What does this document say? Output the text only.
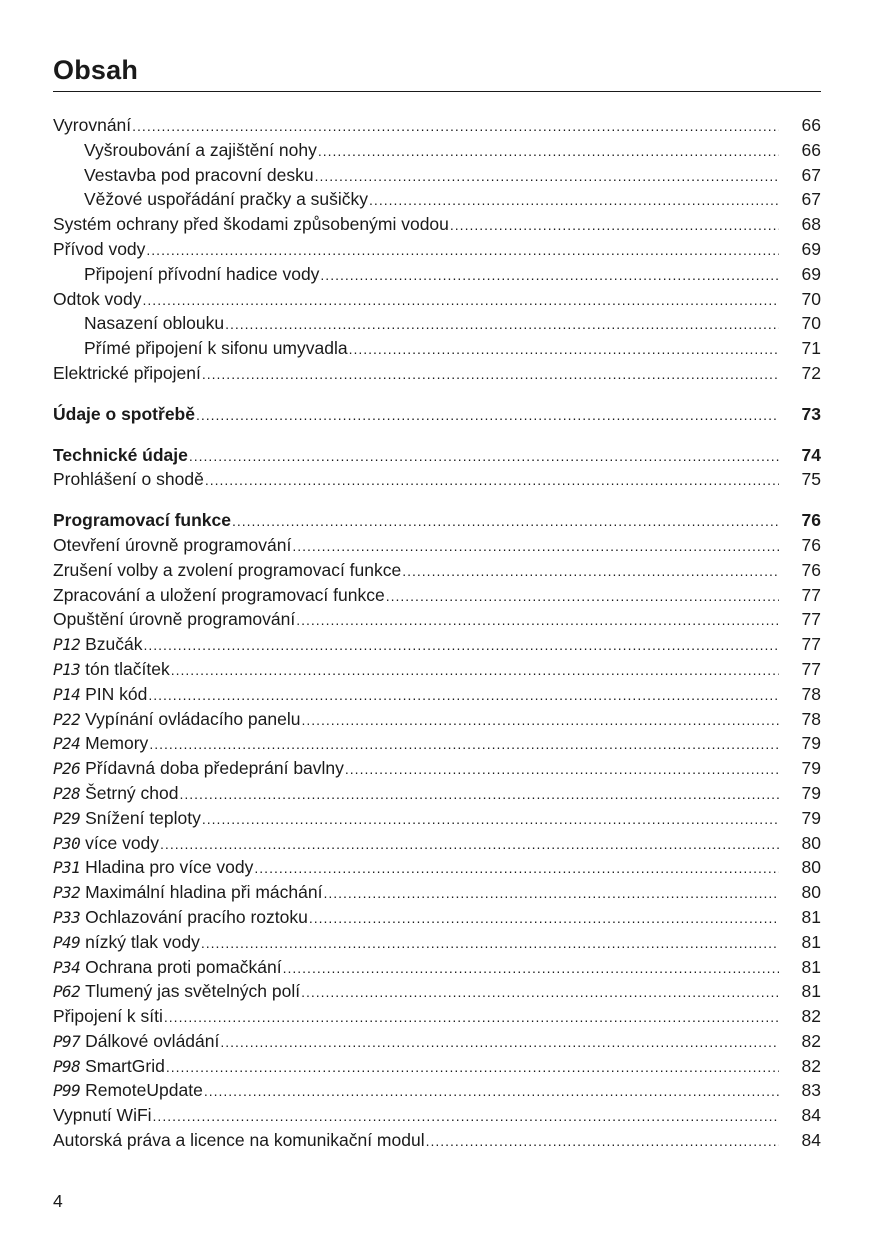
Obsah
Vyrovnání .....	66
Vyšroubování a zajištění nohy .....	66
Vestavba pod pracovní desku .....	67
Věžové uspořádání pračky a sušičky .....	67
Systém ochrany před škodami způsobenými vodou .....	68
Přívod vody .....	69
Připojení přívodní hadice vody .....	69
Odtok vody .....	70
Nasazení oblouku .....	70
Přímé připojení k sifonu umyvadla .....	71
Elektrické připojení .....	72
Údaje o spotřebě .....	73
Technické údaje .....	74
Prohlášení o shodě .....	75
Programovací funkce .....	76
Otevření úrovně programování .....	76
Zrušení volby a zvolení programovací funkce .....	76
Zpracování a uložení programovací funkce .....	77
Opuštění úrovně programování .....	77
P12 Bzučák .....	77
P13 tón tlačítek .....	77
P14 PIN kód .....	78
P22 Vypínání ovládacího panelu .....	78
P24 Memory .....	79
P26 Přídavná doba předeprání bavlny .....	79
P28 Šetrný chod .....	79
P29 Snížení teploty .....	79
P30 více vody .....	80
P31 Hladina pro více vody .....	80
P32 Maximální hladina při máchání .....	80
P33 Ochlazování pracího roztoku .....	81
P49 nízký tlak vody .....	81
P34 Ochrana proti pomačkání .....	81
P62 Tlumený jas světelných polí .....	81
Připojení k síti .....	82
P97 Dálkové ovládání .....	82
P98 SmartGrid .....	82
P99 RemoteUpdate .....	83
Vypnutí WiFi .....	84
Autorská práva a licence na komunikační modul .....	84
4
